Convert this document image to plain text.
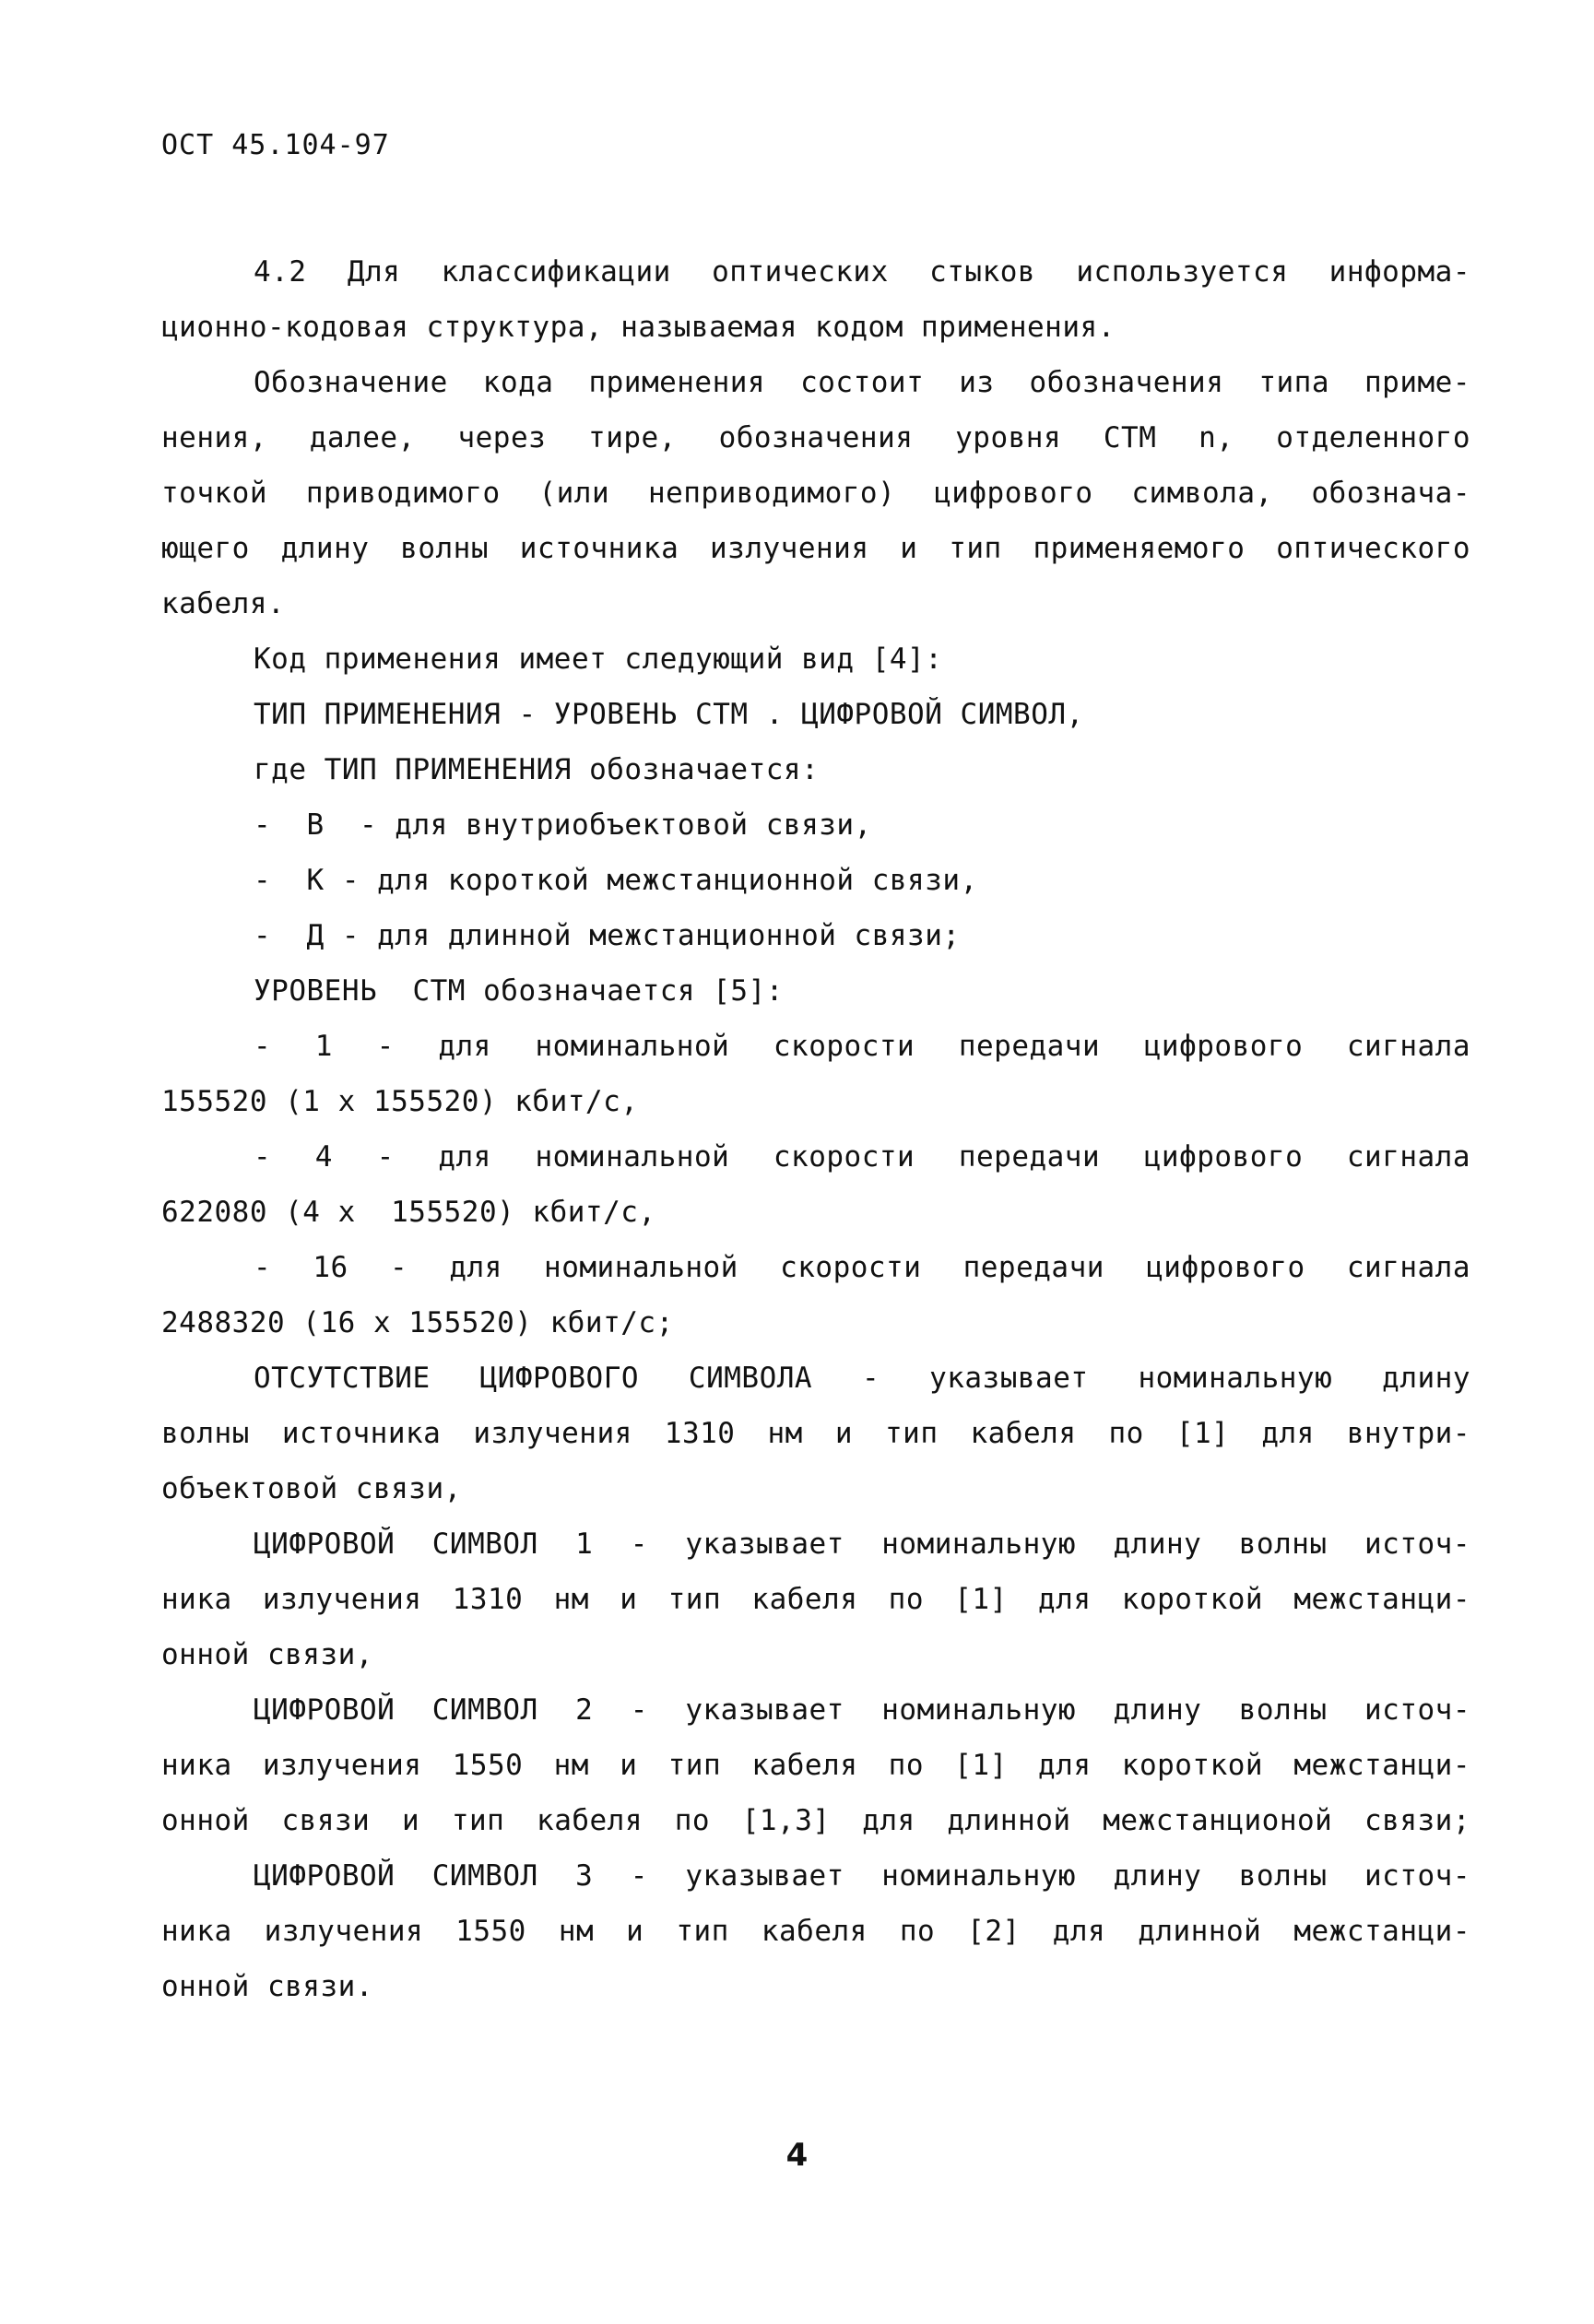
ОСТ 45.104-97
4.2 Для классификации оптических стыков используется информа-
ционно-кодовая структура, называемая кодом применения.
Обозначение кода применения состоит из обозначения типа приме-
нения, далее, через тире, обозначения уровня СТМ n, отделенного
точкой приводимого (или неприводимого) цифрового символа, обознача-
ющего длину волны источника излучения и тип применяемого оптического
кабеля.
Код применения имеет следующий вид [4]:
ТИП ПРИМЕНЕНИЯ - УРОВЕНЬ СТМ . ЦИФРОВОЙ СИМВОЛ,
где ТИП ПРИМЕНЕНИЯ обозначается:
-  В  - для внутриобъектовой связи,
-  К - для короткой межстанционной связи,
-  Д - для длинной межстанционной связи;
УРОВЕНЬ  СТМ обозначается [5]:
- 1 - для номинальной скорости передачи цифрового сигнала
155520 (1 x 155520) кбит/с,
- 4 - для номинальной скорости передачи цифрового сигнала
622080 (4 x  155520) кбит/с,
- 16 - для номинальной скорости передачи цифрового сигнала
2488320 (16 x 155520) кбит/с;
ОТСУТСТВИЕ ЦИФРОВОГО СИМВОЛА - указывает номинальную длину
волны источника излучения 1310 нм и тип кабеля по [1] для внутри-
объектовой связи,
ЦИФРОВОЙ СИМВОЛ 1 - указывает номинальную длину волны источ-
ника излучения 1310 нм и тип кабеля по [1] для короткой межстанци-
онной связи,
ЦИФРОВОЙ СИМВОЛ 2 - указывает номинальную длину волны источ-
ника излучения 1550 нм и тип кабеля по [1] для короткой межстанци-
онной связи и тип кабеля по [1,3] для длинной межстанционой связи;
ЦИФРОВОЙ СИМВОЛ 3 - указывает номинальную длину волны источ-
ника излучения 1550 нм и тип кабеля по [2] для длинной межстанци-
онной связи.
4
